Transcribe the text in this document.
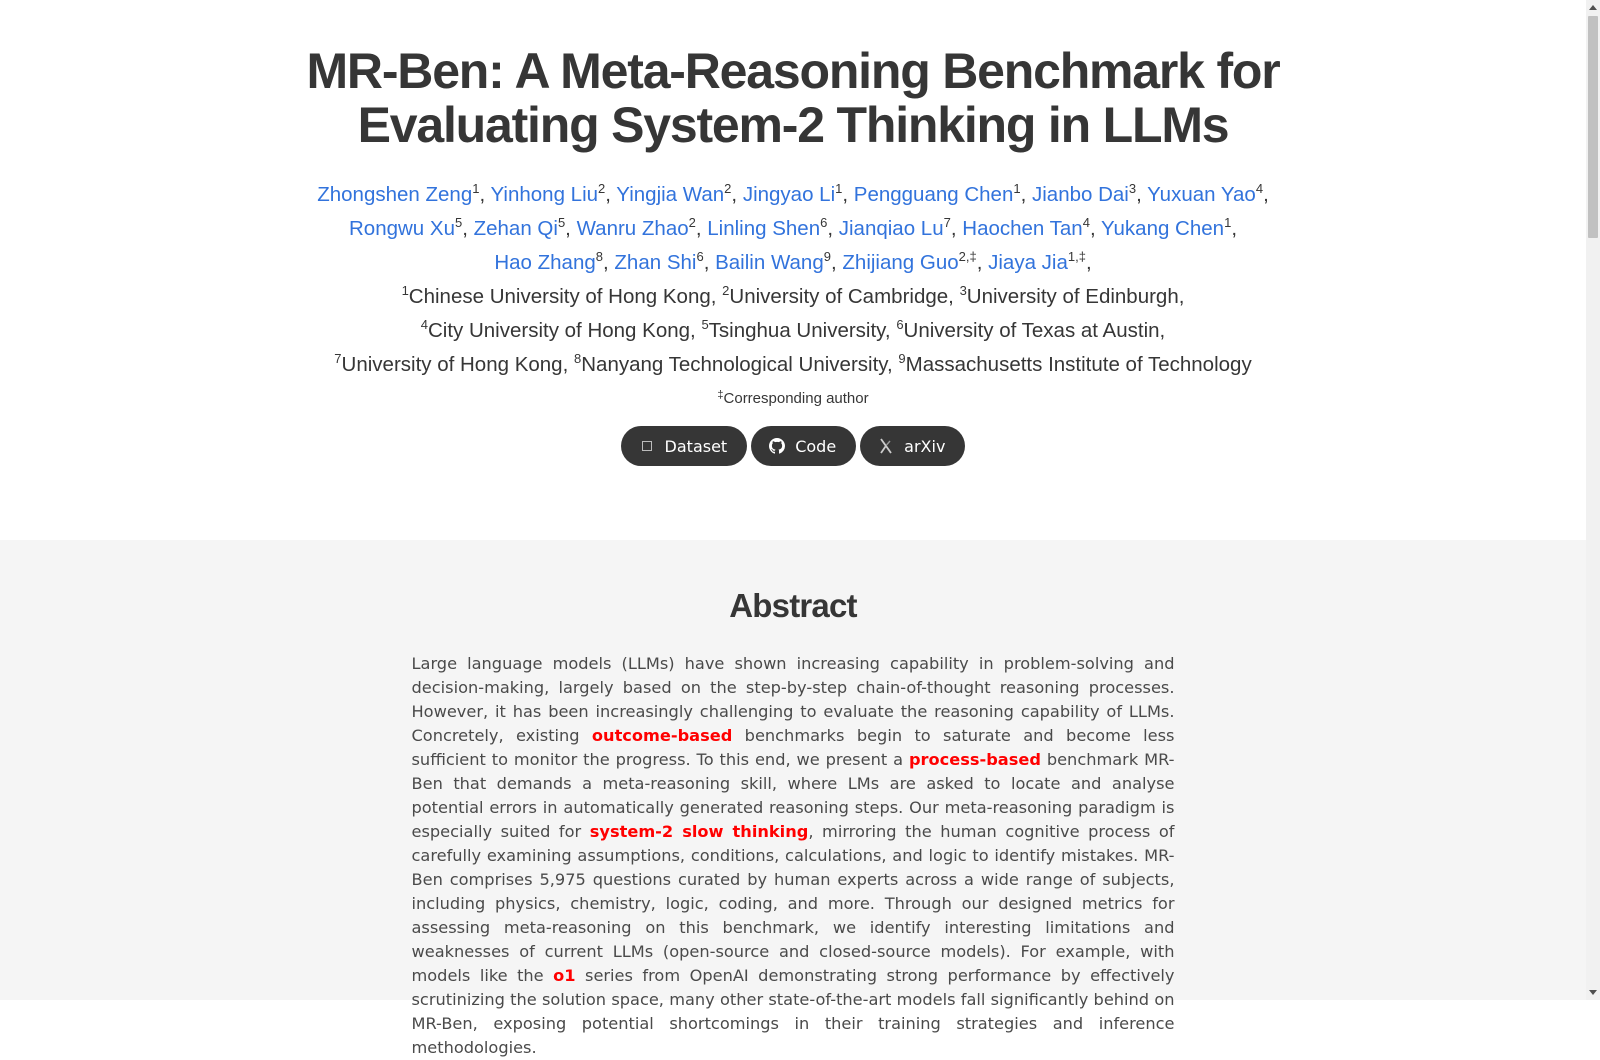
MR-Ben: A Meta-Reasoning Benchmark for
Evaluating System-2 Thinking in LLMs
Zhongshen Zeng$^1$, Yinhong Liu$^2$, Yingjia Wan$^2$, Jingyao Li$^1$, Pengguang Chen$^1$, Jianbo Dai$^3$, Yuxuan Yao$^4$,
Rongwu Xu$^5$, Zehan Qi$^5$, Wanru Zhao$^2$, Linling Shen$^6$, Jianqiao Lu$^7$, Haochen Tan$^4$, Yukang Chen$^1$,
Hao Zhang$^8$, Zhan Shi$^6$, Bailin Wang$^9$, Zhijiang Guo$^{2,\ddagger}$, Jiaya Jia$^{1,\ddagger}$,
$^1$Chinese University of Hong Kong, $^2$University of Cambridge, $^3$University of Edinburgh,
$^4$City University of Hong Kong, $^5$Tsinghua University, $^6$University of Texas at Austin,
$^7$University of Hong Kong, $^8$Nanyang Technological University, $^9$Massachusetts Institute of Technology
‡Corresponding author
Dataset	Code	arXiv
Abstract

Large language models (LLMs) have shown increasing capability in problem-solving and decision-making, largely based on the step-by-step chain-of-thought reasoning processes. However, it has been increasingly challenging to evaluate the reasoning capability of LLMs. Concretely, existing outcome-based benchmarks begin to saturate and become less sufficient to monitor the progress. To this end, we present a process-based benchmark MR-Ben that demands a meta-reasoning skill, where LMs are asked to locate and analyse potential errors in automatically generated reasoning steps. Our meta-reasoning paradigm is especially suited for system-2 slow thinking, mirroring the human cognitive process of carefully examining assumptions, conditions, calculations, and logic to identify mistakes. MR-Ben comprises 5,975 questions curated by human experts across a wide range of subjects, including physics, chemistry, logic, coding, and more. Through our designed metrics for assessing meta-reasoning on this benchmark, we identify interesting limitations and weaknesses of current LLMs (open-source and closed-source models). For example, with models like the o1 series from OpenAI demonstrating strong performance by effectively scrutinizing the solution space, many other state-of-the-art models fall significantly behind on MR-Ben, exposing potential shortcomings in their training strategies and inference methodologies.
